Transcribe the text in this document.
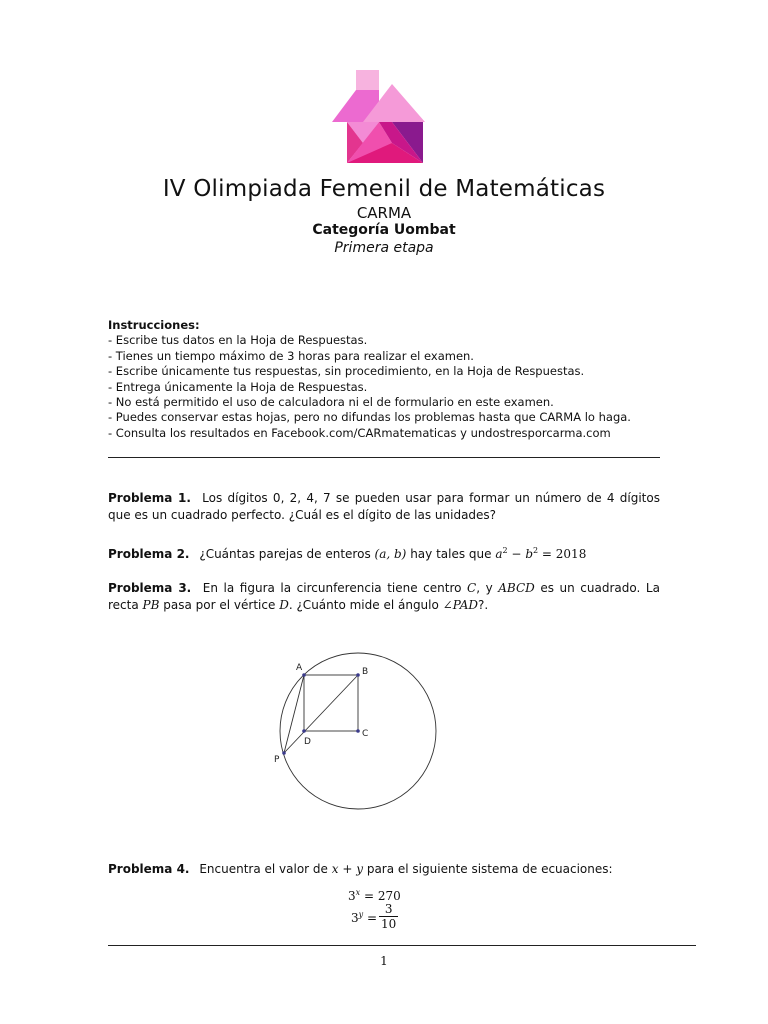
IV Olimpiada Femenil de Matemáticas
CARMA
Categoría Uombat
Primera etapa
Instrucciones:
- Escribe tus datos en la Hoja de Respuestas.
- Tienes un tiempo máximo de 3 horas para realizar el examen.
- Escribe únicamente tus respuestas, sin procedimiento, en la Hoja de Respuestas.
- Entrega únicamente la Hoja de Respuestas.
- No está permitido el uso de calculadora ni el de formulario en este examen.
- Puedes conservar estas hojas, pero no difundas los problemas hasta que CARMA lo haga.
- Consulta los resultados en Facebook.com/CARmatematicas y undostresporcarma.com
Problema 1. Los dígitos 0, 2, 4, 7 se pueden usar para formar un número de 4 dígitos que es un cuadrado perfecto. ¿Cuál es el dígito de las unidades?
Problema 2. ¿Cuántas parejas de enteros (a, b) hay tales que $a^2 - b^2 = 2018$
Problema 3. En la figura la circunferencia tiene centro C, y ABCD es un cuadrado. La recta PB pasa por el vértice D. ¿Cuánto mide el ángulo ∠PAD?.
A	B
C
D
P
Problema 4. Encuentra el valor de x + y para el siguiente sistema de ecuaciones:
$3^x = 270$
$3^y = \frac{3}{10}$
1
